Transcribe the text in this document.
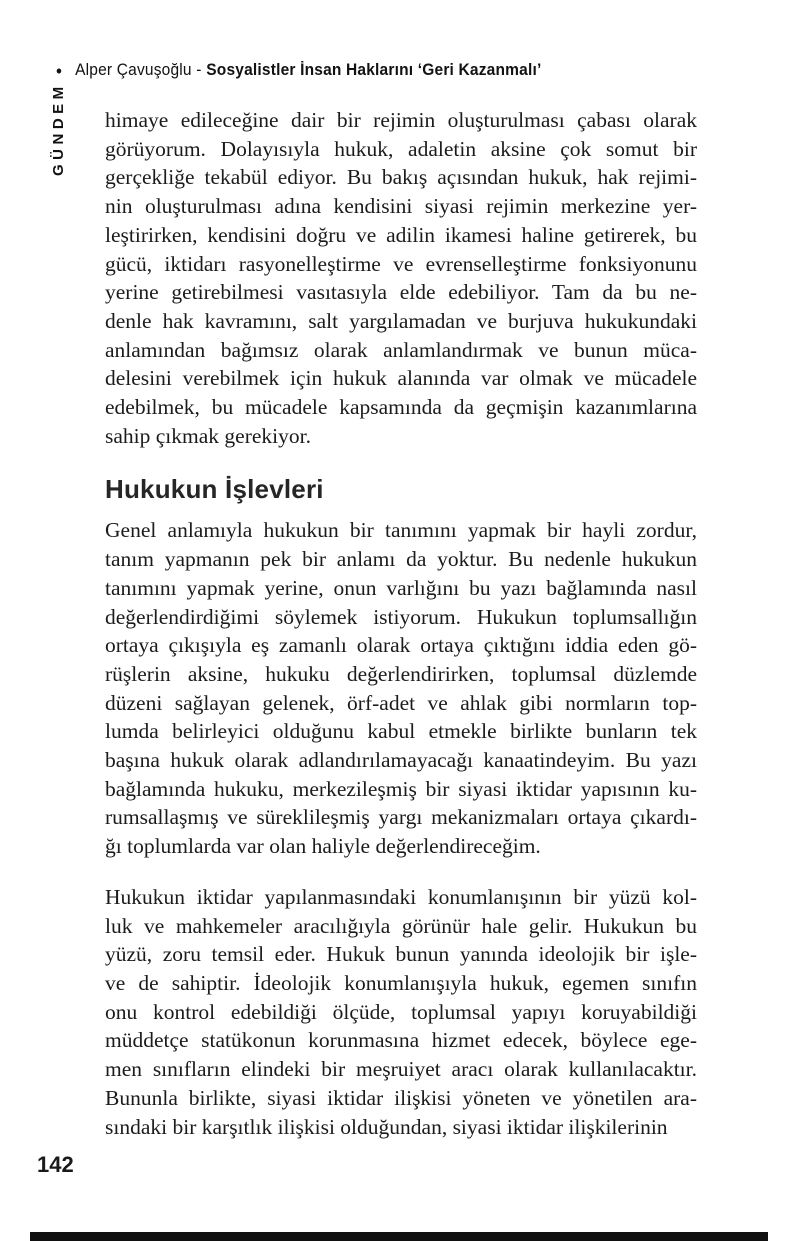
• Alper Çavuşoğlu - Sosyalistler İnsan Haklarını ‘Geri Kazanmalı’
GÜNDEM himaye edileceğine dair bir rejimin oluşturulması çabası olarak
görüyorum. Dolayısıyla hukuk, adaletin aksine çok somut bir
gerçekliğe tekabül ediyor. Bu bakış açısından hukuk, hak rejimi-
nin oluşturulması adına kendisini siyasi rejimin merkezine yer-
leştirirken, kendisini doğru ve adilin ikamesi haline getirerek, bu
gücü, iktidarı rasyonelleştirme ve evrenselleştirme fonksiyonunu
yerine getirebilmesi vasıtasıyla elde edebiliyor. Tam da bu ne-
denle hak kavramını, salt yargılamadan ve burjuva hukukundaki
anlamından bağımsız olarak anlamlandırmak ve bunun müca-
delesini verebilmek için hukuk alanında var olmak ve mücadele
edebilmek, bu mücadele kapsamında da geçmişin kazanımlarına
sahip çıkmak gerekiyor.
Hukukun İşlevleri
Genel anlamıyla hukukun bir tanımını yapmak bir hayli zordur,
tanım yapmanın pek bir anlamı da yoktur. Bu nedenle hukukun
tanımını yapmak yerine, onun varlığını bu yazı bağlamında nasıl
değerlendirdiğimi söylemek istiyorum. Hukukun toplumsallığın
ortaya çıkışıyla eş zamanlı olarak ortaya çıktığını iddia eden gö-
rüşlerin aksine, hukuku değerlendirirken, toplumsal düzlemde
düzeni sağlayan gelenek, örf-adet ve ahlak gibi normların top-
lumda belirleyici olduğunu kabul etmekle birlikte bunların tek
başına hukuk olarak adlandırılamayacağı kanaatindeyim. Bu yazı
bağlamında hukuku, merkezileşmiş bir siyasi iktidar yapısının ku-
rumsallaşmış ve süreklileşmiş yargı mekanizmaları ortaya çıkardı-
ğı toplumlarda var olan haliyle değerlendireceğim.
Hukukun iktidar yapılanmasındaki konumlanışının bir yüzü kol-
luk ve mahkemeler aracılığıyla görünür hale gelir. Hukukun bu
yüzü, zoru temsil eder. Hukuk bunun yanında ideolojik bir işle-
ve de sahiptir. İdeolojik konumlanışıyla hukuk, egemen sınıfın
onu kontrol edebildiği ölçüde, toplumsal yapıyı koruyabildiği
müddetçe statükonun korunmasına hizmet edecek, böylece ege-
men sınıfların elindeki bir meşruiyet aracı olarak kullanılacaktır.
Bununla birlikte, siyasi iktidar ilişkisi yöneten ve yönetilen ara-
sındaki bir karşıtlık ilişkisi olduğundan, siyasi iktidar ilişkilerinin
142
